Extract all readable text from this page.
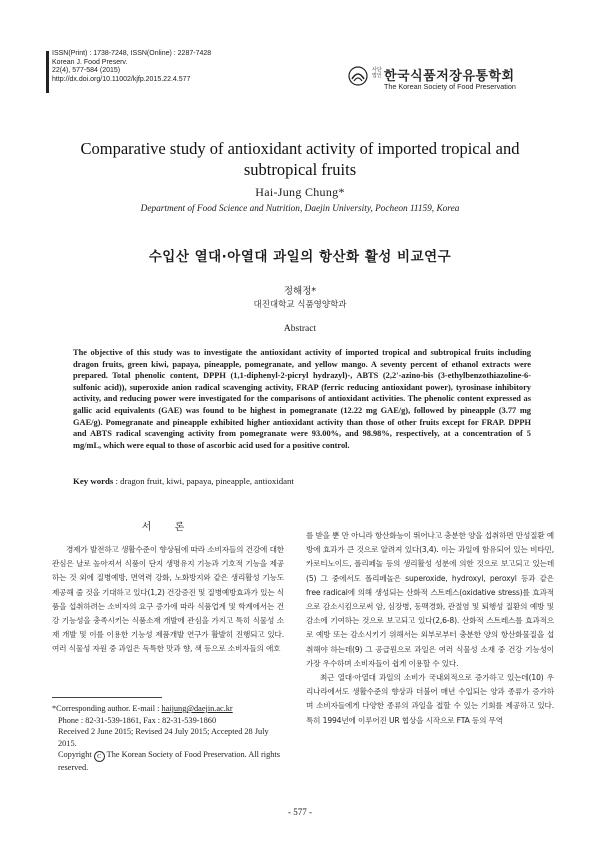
ISSN(Print) : 1738-7248, ISSN(Online) : 2287-7428
Korean J. Food Preserv.
22(4), 577-584 (2015)
http://dx.doi.org/10.11002/kjfp.2015.22.4.577
사단법인 한국식품저장유통학회
The Korean Society of Food Preservation
Comparative study of antioxidant activity of imported tropical and
subtropical fruits
Hai-Jung Chung*
Department of Food Science and Nutrition, Daejin University, Pocheon 11159, Korea
수입산 열대·아열대 과일의 항산화 활성 비교연구
정해정*
대진대학교 식품영양학과
Abstract
The objective of this study was to investigate the antioxidant activity of imported tropical and subtropical fruits including dragon fruits, green kiwi, papaya, pineapple, pomegranate, and yellow mango. A seventy percent of ethanol extracts were prepared. Total phenolic content, DPPH (1,1-diphenyl-2-picryl hydrazyl)-, ABTS (2,2'-azino-bis (3-ethylbenzothiazoline-6-sulfonic acid)), superoxide anion radical scavenging activity, FRAP (ferric reducing antioxidant power), tyrosinase inhibitory activity, and reducing power were investigated for the comparisons of antioxidant activities. The phenolic content expressed as gallic acid equivalents (GAE) was found to be highest in pomegranate (12.22 mg GAE/g), followed by pineapple (3.77 mg GAE/g). Pomegranate and pineapple exhibited higher antioxidant activity than those of other fruits except for FRAP. DPPH and ABTS radical scavenging activity from pomegranate were 93.00%, and 98.98%, respectively, at a concentration of 5 mg/mL, which were equal to those of ascorbic acid used for a positive control.
Key words : dragon fruit, kiwi, papaya, pineapple, antioxidant
서 론

경제가 발전하고 생활수준이 향상됨에 따라 소비자들의 건강에 대한 관심은 날로 높아져서 식품이 단지 생명유지 기능과 기호적 기능을 제공하는 것 외에 질병예방, 면역력 강화, 노화방지와 같은 생리활성 기능도 제공해 줄 것을 기대하고 있다(1,2) 건강증진 및 질병예방효과가 있는 식품을 섭취하려는 소비자의 요구 증가에 따라 식품업계 및 학계에서는 건강 기능성을 충족시키는 식품소재 개발에 관심을 가지고 특히 식물성 소재 개발 및 이를 이용한 기능성 제품개발 연구가 활발히 진행되고 있다. 여러 식물성 자원 중 과일은 독특한 맛과 향, 색 등으로 소비자들의 애호

를 받을 뿐 만 아니라 항산화능이 뛰어나고 충분한 양을 섭취하면 만성질환 예방에 효과가 큰 것으로 알려져 있다(3,4). 이는 과일에 함유되어 있는 비타민, 카로티노이드, 폴리페놀 등의 생리활성 성분에 의한 것으로 보고되고 있는데(5) 그 중에서도 폴리페놀은 superoxide, hydroxyl, peroxyl 등과 같은 free radical에 의해 생성되는 산화적 스트레스(oxidative stress)를 효과적으로 감소시킴으로써 암, 심장병, 동맥경화, 관절염 및 퇴행성 질환의 예방 및 감소에 기여하는 것으로 보고되고 있다(2,6-8). 산화적 스트레스를 효과적으로 예방 또는 감소시키기 위해서는 외부로부터 충분한 양의 항산화물질을 섭취해야 하는데(9) 그 공급원으로 과일은 여러 식물성 소재 중 건강 기능성이 가장 우수하며 소비자들이 쉽게 이용할 수 있다.

최근 열대·아열대 과일의 소비가 국내외적으로 증가하고 있는데(10) 우리나라에서도 생활수준의 향상과 더불어 매년 수입되는 양과 종류가 증가하며 소비자들에게 다양한 종류의 과일을 접할 수 있는 기회를 제공하고 있다. 특히 1994년에 이루어진 UR 협상을 시작으로 FTA 등의 무역

*Corresponding author. E-mail : haijung@daejin.ac.kr
Phone : 82-31-539-1861, Fax : 82-31-539-1860
Received 2 June 2015; Revised 24 July 2015; Accepted 28 July 2015.
Copyright C The Korean Society of Food Preservation. All rights reserved.
- 577 -
